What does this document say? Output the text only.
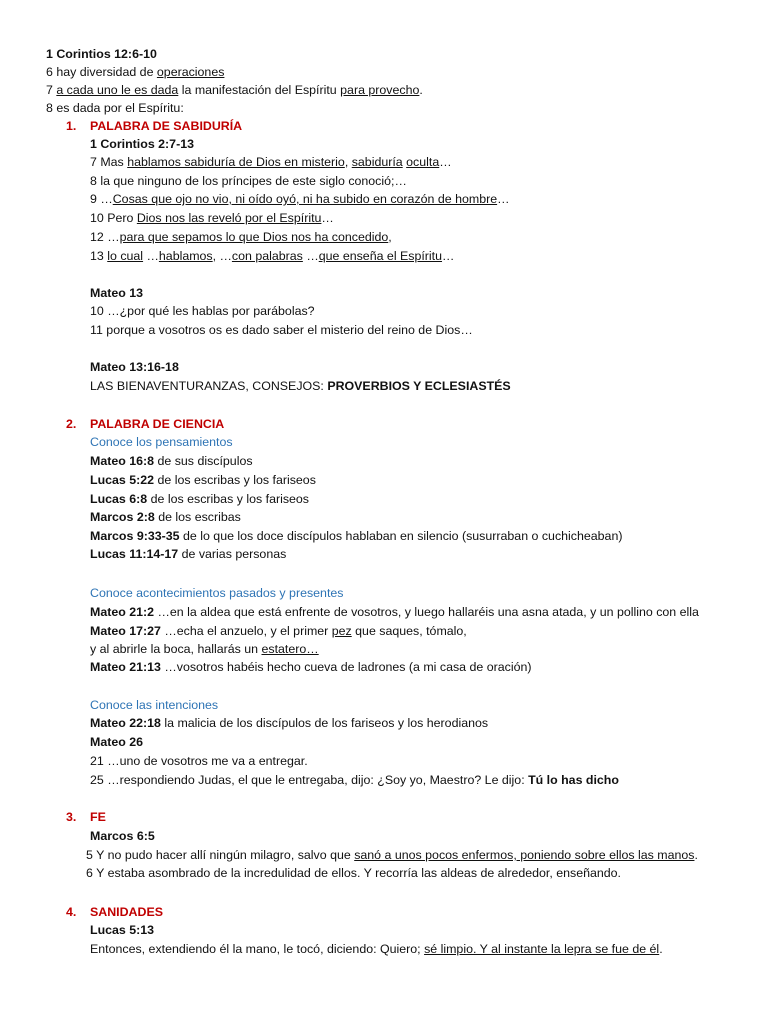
1 Corintios 12:6-10
6 hay diversidad de operaciones
7 a cada uno le es dada la manifestación del Espíritu para provecho.
8 es dada por el Espíritu:
1. PALABRA DE SABIDURÍA
1 Corintios 2:7-13
7 Mas hablamos sabiduría de Dios en misterio, sabiduría oculta…
8 la que ninguno de los príncipes de este siglo conoció;…
9 …Cosas que ojo no vio, ni oído oyó, ni ha subido en corazón de hombre…
10 Pero Dios nos las reveló por el Espíritu…
12 …para que sepamos lo que Dios nos ha concedido,
13 lo cual …hablamos, …con palabras …que enseña el Espíritu…
Mateo 13
10 …¿por qué les hablas por parábolas?
11 porque a vosotros os es dado saber el misterio del reino de Dios…
Mateo 13:16-18
LAS BIENAVENTURANZAS, CONSEJOS: PROVERBIOS Y ECLESIASTÉS
2. PALABRA DE CIENCIA
Conoce los pensamientos
Mateo 16:8 de sus discípulos
Lucas 5:22 de los escribas y los fariseos
Lucas 6:8 de los escribas y los fariseos
Marcos 2:8 de los escribas
Marcos 9:33-35 de lo que los doce discípulos hablaban en silencio (susurraban o cuchicheaban)
Lucas 11:14-17 de varias personas
Conoce acontecimientos pasados y presentes
Mateo 21:2 …en la aldea que está enfrente de vosotros, y luego hallaréis una asna atada, y un pollino con ella
Mateo 17:27 …echa el anzuelo, y el primer pez que saques, tómalo,
y al abrirle la boca, hallarás un estatero…
Mateo 21:13 …vosotros habéis hecho cueva de ladrones (a mi casa de oración)
Conoce las intenciones
Mateo 22:18 la malicia de los discípulos de los fariseos y los herodianos
Mateo 26
21 …uno de vosotros me va a entregar.
25 …respondiendo Judas, el que le entregaba, dijo: ¿Soy yo, Maestro? Le dijo: Tú lo has dicho
3. FE
Marcos 6:5
5 Y no pudo hacer allí ningún milagro, salvo que sanó a unos pocos enfermos, poniendo sobre ellos las manos.
6 Y estaba asombrado de la incredulidad de ellos. Y recorría las aldeas de alrededor, enseñando.
4. SANIDADES
Lucas 5:13
Entonces, extendiendo él la mano, le tocó, diciendo: Quiero; sé limpio. Y al instante la lepra se fue de él.
